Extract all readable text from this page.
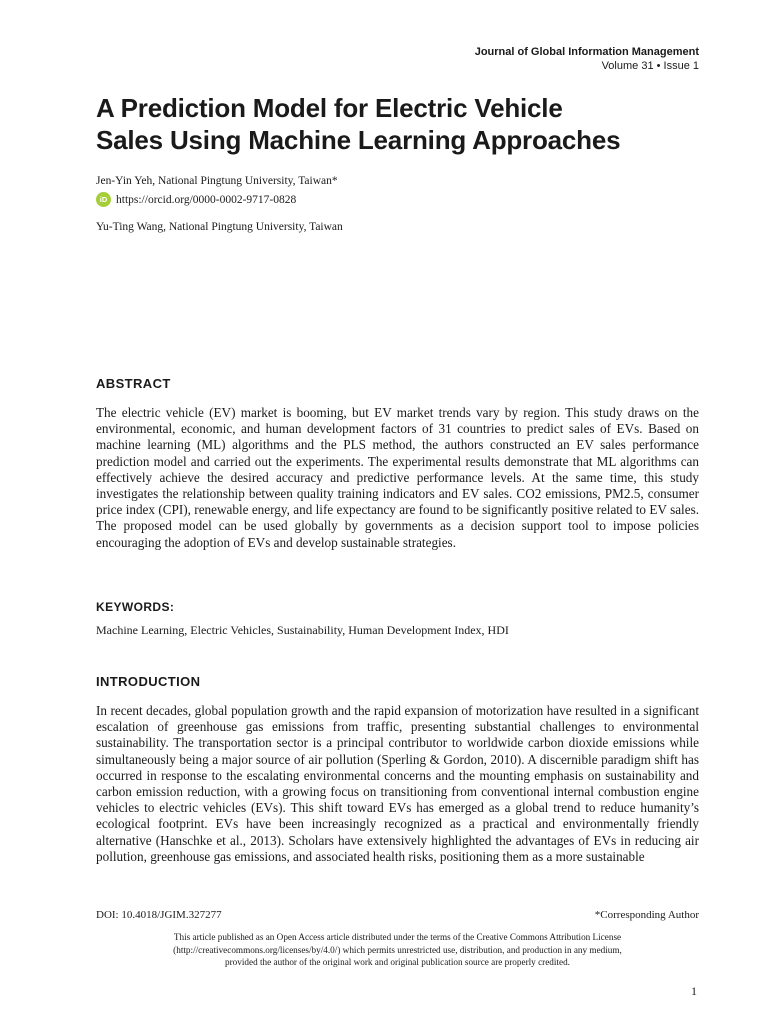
Journal of Global Information Management
Volume 31 • Issue 1
A Prediction Model for Electric Vehicle
Sales Using Machine Learning Approaches
Jen-Yin Yeh, National Pingtung University, Taiwan*
iD https://orcid.org/0000-0002-9717-0828
Yu-Ting Wang, National Pingtung University, Taiwan
ABSTRACT

The electric vehicle (EV) market is booming, but EV market trends vary by region. This study draws on the environmental, economic, and human development factors of 31 countries to predict sales of EVs. Based on machine learning (ML) algorithms and the PLS method, the authors constructed an EV sales performance prediction model and carried out the experiments. The experimental results demonstrate that ML algorithms can effectively achieve the desired accuracy and predictive performance levels. At the same time, this study investigates the relationship between quality training indicators and EV sales. CO2 emissions, PM2.5, consumer price index (CPI), renewable energy, and life expectancy are found to be significantly positive related to EV sales. The proposed model can be used globally by governments as a decision support tool to impose policies encouraging the adoption of EVs and develop sustainable strategies.

KEYWORDS:
Machine Learning, Electric Vehicles, Sustainability, Human Development Index, HDI
INTRODUCTION

In recent decades, global population growth and the rapid expansion of motorization have resulted in a significant escalation of greenhouse gas emissions from traffic, presenting substantial challenges to environmental sustainability. The transportation sector is a principal contributor to worldwide carbon dioxide emissions while simultaneously being a major source of air pollution (Sperling & Gordon, 2010). A discernible paradigm shift has occurred in response to the escalating environmental concerns and the mounting emphasis on sustainability and carbon emission reduction, with a growing focus on transitioning from conventional internal combustion engine vehicles to electric vehicles (EVs). This shift toward EVs has emerged as a global trend to reduce humanity’s ecological footprint. EVs have been increasingly recognized as a practical and environmentally friendly alternative (Hanschke et al., 2013). Scholars have extensively highlighted the advantages of EVs in reducing air pollution, greenhouse gas emissions, and associated health risks, positioning them as a more sustainable

DOI: 10.4018/JGIM.327277	*Corresponding Author

This article published as an Open Access article distributed under the terms of the Creative Commons Attribution License
(http://creativecommons.org/licenses/by/4.0/) which permits unrestricted use, distribution, and production in any medium,
provided the author of the original work and original publication source are properly credited.

1
